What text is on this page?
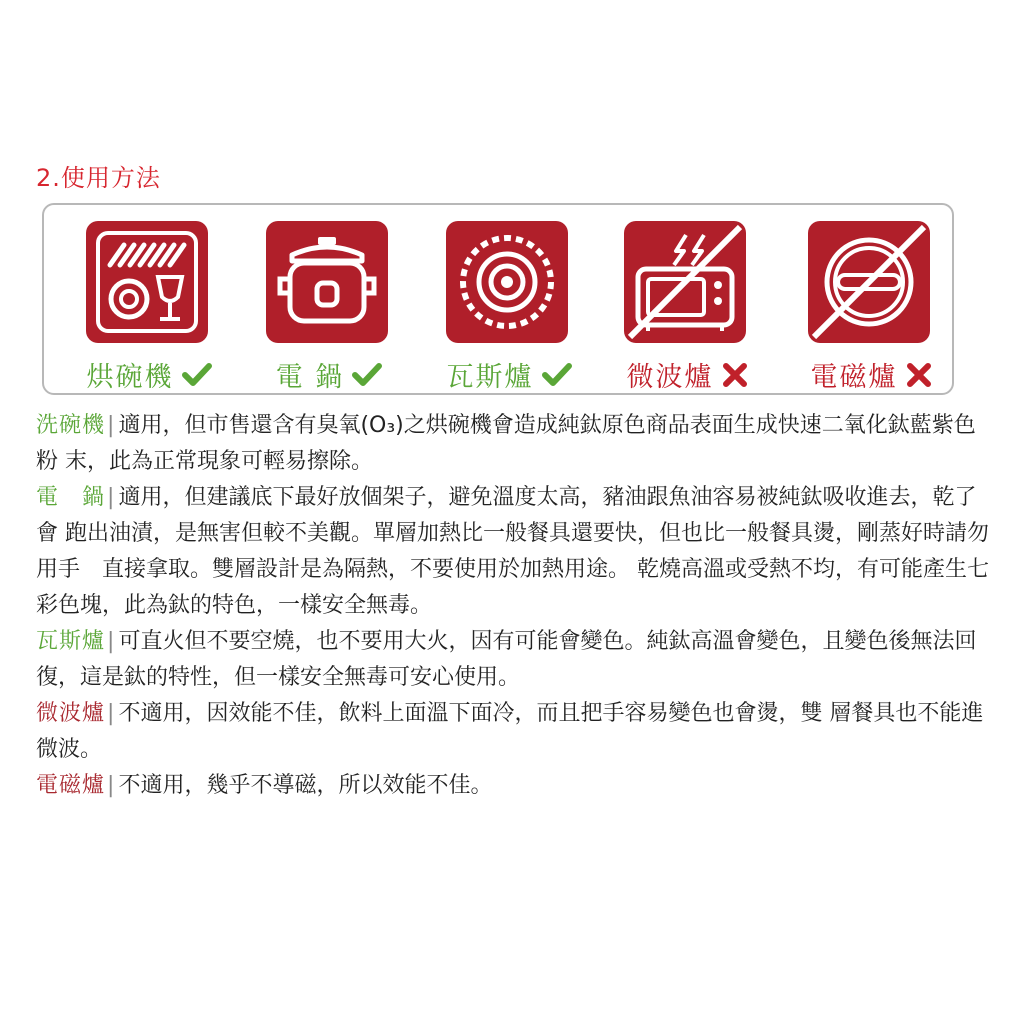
2.使用方法
烘碗機	電 鍋	瓦斯爐	微波爐	電磁爐

洗碗機| 適用，但市售還含有臭氧(O₃)之烘碗機會造成純鈦原色商品表面生成快速二氧化鈦藍紫色粉 末，此為正常現象可輕易擦除。

電　鍋| 適用，但建議底下最好放個架子，避免溫度太高，豬油跟魚油容易被純鈦吸收進去，乾了會 跑出油漬，是無害但較不美觀。單層加熱比一般餐具還要快，但也比一般餐具燙，剛蒸好時請勿用手　直接拿取。雙層設計是為隔熱，不要使用於加熱用途。 乾燒高溫或受熱不均，有可能產生七彩色塊，此為鈦的特色，一樣安全無毒。

瓦斯爐| 可直火但不要空燒，也不要用大火，因有可能會變色。純鈦高溫會變色，且變色後無法回復，這是鈦的特性，但一樣安全無毒可安心使用。

微波爐| 不適用，因效能不佳，飲料上面溫下面冷，而且把手容易變色也會燙，雙 層餐具也不能進微波。

電磁爐| 不適用，幾乎不導磁，所以效能不佳。
